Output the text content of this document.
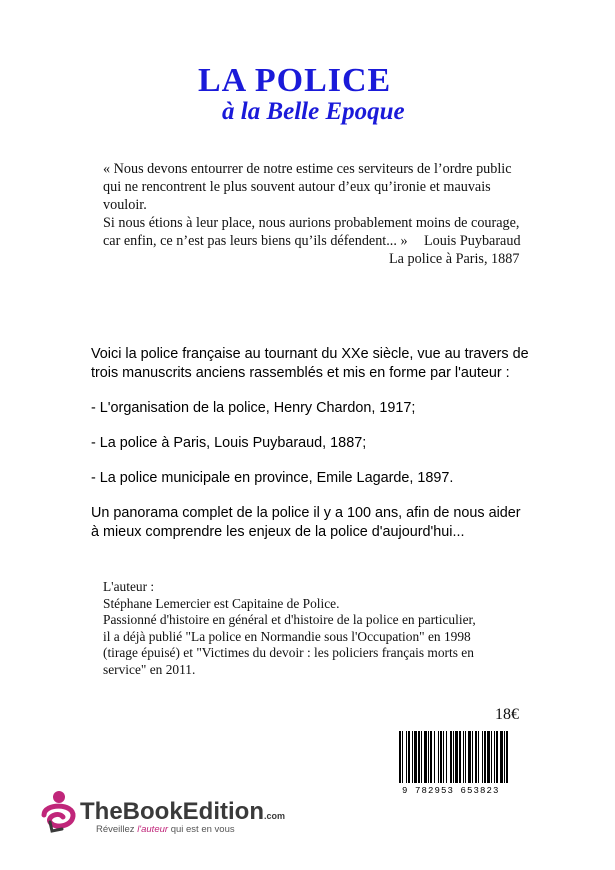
LA POLICE
à la Belle Epoque

« Nous devons entourrer de notre estime ces serviteurs de l’ordre public

qui ne rencontrent le plus souvent autour d’eux qu’ironie et mauvais vouloir.

Si nous étions à leur place, nous aurions probablement moins de courage,

car enfin, ce n’est pas leurs biens qu’ils défendent... »	Louis Puybaraud
La police à Paris, 1887

Voici la police française au tournant du XXe siècle, vue au travers de

trois manuscrits anciens rassemblés et mis en forme par l'auteur :

- L'organisation de la police, Henry Chardon, 1917;

- La police à Paris, Louis Puybaraud, 1887;

- La police municipale en province, Emile Lagarde, 1897.

Un panorama complet de la police il y a 100 ans, afin de nous aider

à mieux comprendre les enjeux de la police d'aujourd'hui...

L'auteur :

Stéphane Lemercier est Capitaine de Police.

Passionné d'histoire en général et d'histoire de la police en particulier,

il a déjà publié "La police en Normandie sous l'Occupation" en 1998

(tirage épuisé) et "Victimes du devoir : les policiers français morts en

service" en 2011.

18€
9 782953 653823
TheBookEdition.com
Réveillez l'auteur qui est en vous
